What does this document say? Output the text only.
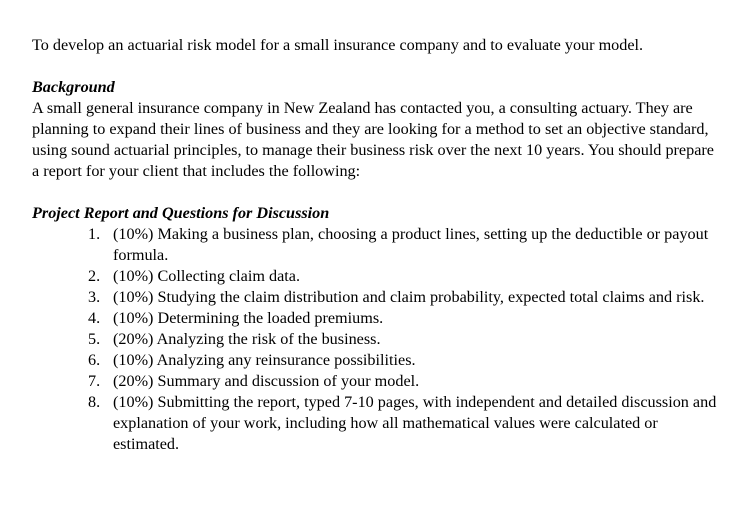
To develop an actuarial risk model for a small insurance company and to evaluate your model.

Background

A small general insurance company in New Zealand has contacted you, a consulting actuary. They are planning to expand their lines of business and they are looking for a method to set an objective standard, using sound actuarial principles, to manage their business risk over the next 10 years. You should prepare a report for your client that includes the following:

Project Report and Questions for Discussion

1. (10%) Making a business plan, choosing a product lines, setting up the deductible or payout formula.
2. (10%) Collecting claim data.
3. (10%) Studying the claim distribution and claim probability, expected total claims and risk.
4. (10%) Determining the loaded premiums.
5. (20%) Analyzing the risk of the business.
6. (10%) Analyzing any reinsurance possibilities.
7. (20%) Summary and discussion of your model.
8. (10%) Submitting the report, typed 7-10 pages, with independent and detailed discussion and explanation of your work, including how all mathematical values were calculated or estimated.
